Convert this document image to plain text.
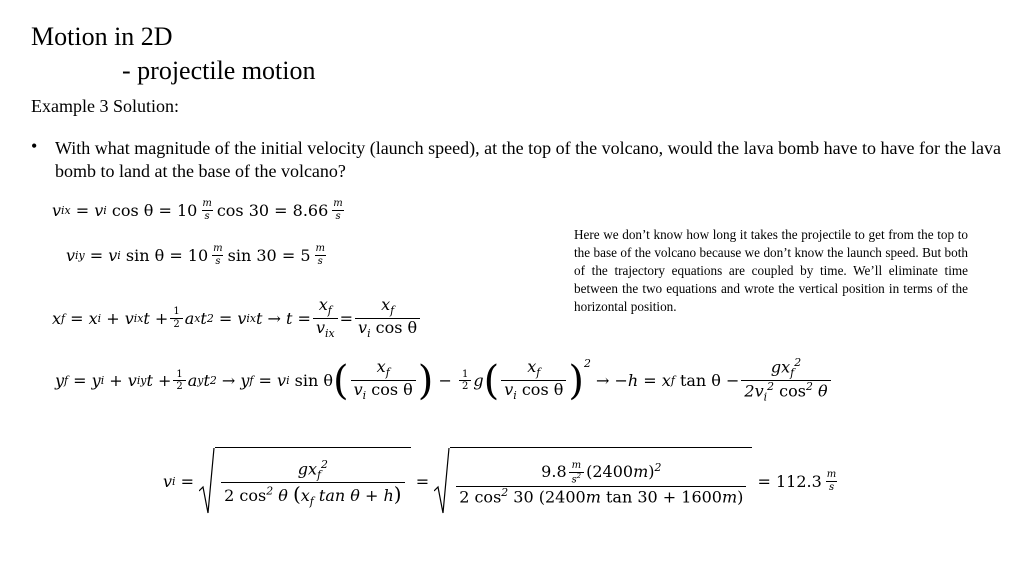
Motion in 2D
- projectile motion
Example 3 Solution:
• With what magnitude of the initial velocity (launch speed), at the top of the volcano, would the lava bomb have to have for the lava bomb to land at the base of the volcano?
Here we don’t know how long it takes the projectile to get from the top to the base of the volcano because we don’t know the launch speed. But both of the trajectory equations are coupled by time. We’ll eliminate time between the two equations and wrote the vertical position in terms of the horizontal position.
v ix
= v i
$\cos \theta = 10 \frac{m}{s}$ $\cos 30 = 8.66 \frac{m}{s}$
v iy
= v i
$\sin \theta = 10 \frac{m}{s}$ $\sin 30 = 5 \frac{m}{s}$
x f
= x i
+ v ix $t + \frac{1}{2}$ a x t 2
= v ix $t \to t = \frac{x_f}{v_{ix}} = \frac{x_f}{v_i \cos \theta}$
y f
= y i
+ v iy $t + \frac{1}{2}$ a y t 2
→ y f
= v i
sin θ ( $\frac{x_f}{v_i \cos \theta}$ )
−
$\frac{1}{2}$ g ( $\frac{x_f}{v_i \cos \theta} )^2$

→ −h = x f
$\tan \theta - \frac{gx_f^2}{2v_i^2 \cos^2 \theta}$
v i
=
$\frac{gx_f^2}{2 \cos^2 \theta (x_f \tan \theta + h)}$
=
$\frac{9.8 \frac{m}{s^2} (2400m)^2}{2 \cos^2 30 (2400m \tan 30 + 1600m)}$
= $112.3 \frac{m}{s}$
